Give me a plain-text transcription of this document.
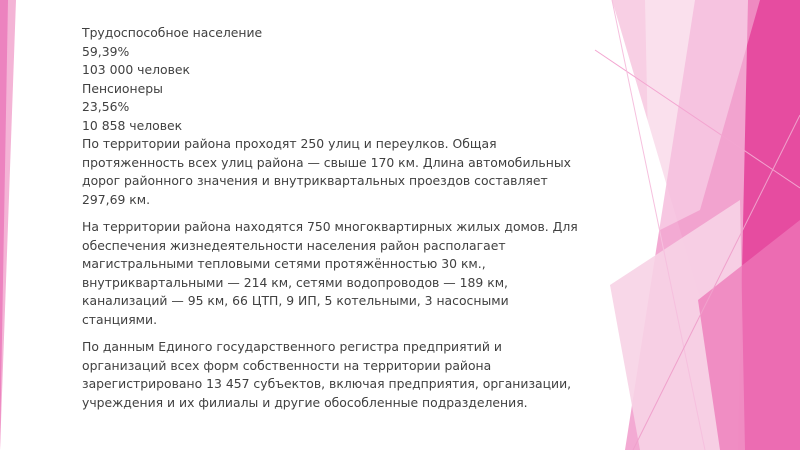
Трудоспособное население
59,39%
103 000 человек
Пенсионеры
23,56%
10 858 человек

По территории района проходят 250 улиц и переулков. Общая протяженность всех улиц района — свыше 170 км. Длина автомобильных дорог районного значения и внутриквартальных проездов составляет 297,69 км.

На территории района находятся 750 многоквартирных жилых домов. Для обеспечения жизнедеятельности населения район располагает магистральными тепловыми сетями протяжённостью 30 км., внутриквартальными — 214 км, сетями водопроводов — 189 км, канализаций — 95 км, 66 ЦТП, 9 ИП, 5 котельными, 3 насосными станциями.

По данным Единого государственного регистра предприятий и организаций всех форм собственности на территории района зарегистрировано 13 457 субъектов, включая предприятия, организации, учреждения и их филиалы и другие обособленные подразделения.
